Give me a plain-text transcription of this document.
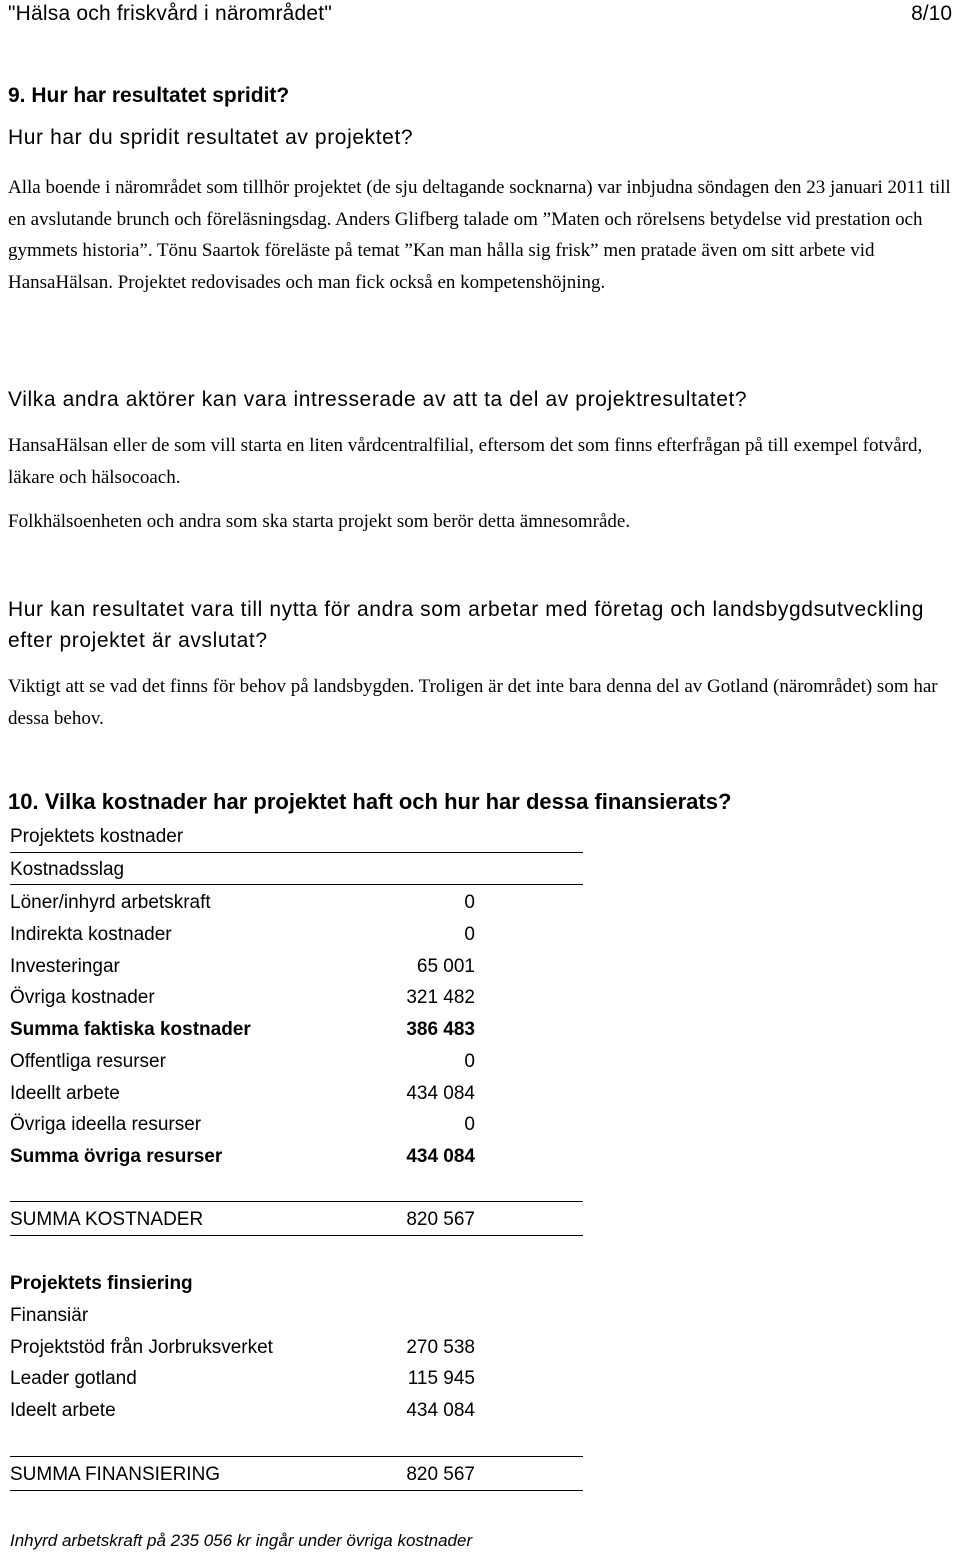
"Hälsa och friskvård i närområdet"	8/10
9. Hur har resultatet spridit?
Hur har du spridit resultatet av projektet?
Alla boende i närområdet som tillhör projektet (de sju deltagande socknarna) var inbjudna söndagen den 23 januari 2011 till en avslutande brunch och föreläsningsdag. Anders Glifberg talade om ”Maten och rörelsens betydelse vid prestation och gymmets historia”. Tönu Saartok föreläste på temat ”Kan man hålla sig frisk” men pratade även om sitt arbete vid HansaHälsan. Projektet redovisades och man fick också en kompetenshöjning.
Vilka andra aktörer kan vara intresserade av att ta del av projektresultatet?
HansaHälsan eller de som vill starta en liten vårdcentralfilial, eftersom det som finns efterfrågan på till exempel fotvård, läkare och hälsocoach.
Folkhälsoenheten och andra som ska starta projekt som berör detta ämnesområde.
Hur kan resultatet vara till nytta för andra som arbetar med företag och landsbygdsutveckling efter projektet är avslutat?
Viktigt att se vad det finns för behov på landsbygden. Troligen är det inte bara denna del av Gotland (närområdet) som har dessa behov.
10. Vilka kostnader har projektet haft och hur har dessa finansierats?
Projektets kostnader
Kostnadsslag
Löner/inhyrd arbetskraft	0
Indirekta kostnader	0
Investeringar	65 001
Övriga kostnader	321 482
Summa faktiska kostnader	386 483
Offentliga resurser	0
Ideellt arbete	434 084
Övriga ideella resurser	0
Summa övriga resurser	434 084
SUMMA KOSTNADER	820 567
Projektets finsiering
Finansiär
Projektstöd från Jorbruksverket	270 538
Leader gotland	115 945
Ideelt arbete	434 084
SUMMA FINANSIERING	820 567
Inhyrd arbetskraft på 235 056 kr ingår under övriga kostnader
